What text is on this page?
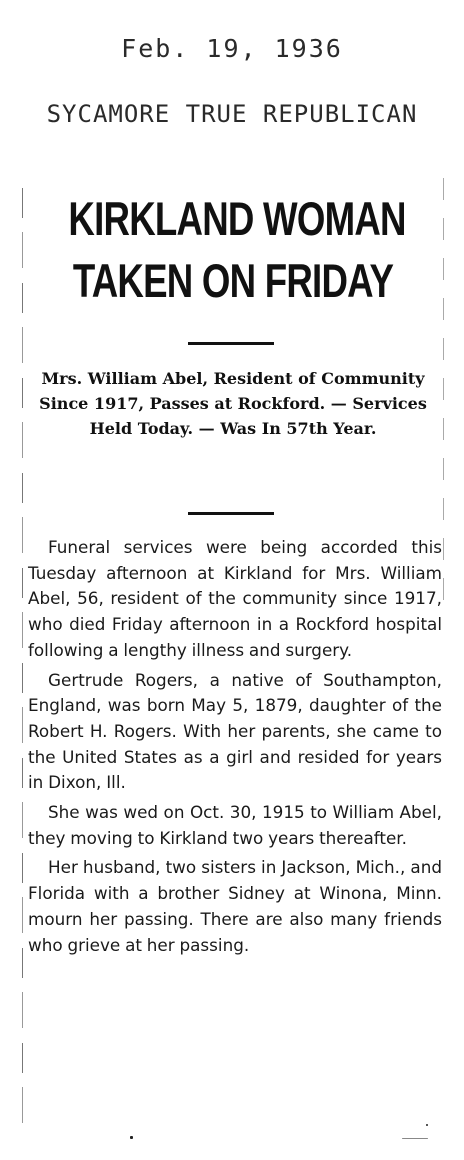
Feb. 19, 1936
SYCAMORE TRUE REPUBLICAN
KIRKLAND WOMAN
TAKEN ON FRIDAY

Mrs. William Abel, Resident of Community Since 1917, Passes at Rockford. — Services Held Today. — Was In 57th Year.

Funeral services were being accorded this Tuesday afternoon at Kirkland for Mrs. William Abel, 56, resident of the community since 1917, who died Friday afternoon in a Rockford hospital following a lengthy illness and surgery.

Gertrude Rogers, a native of Southampton, England, was born May 5, 1879, daughter of the Robert H. Rogers. With her parents, she came to the United States as a girl and resided for years in Dixon, Ill.

She was wed on Oct. 30, 1915 to William Abel, they moving to Kirkland two years thereafter.

Her husband, two sisters in Jackson, Mich., and Florida with a brother Sidney at Winona, Minn. mourn her passing. There are also many friends who grieve at her passing.
